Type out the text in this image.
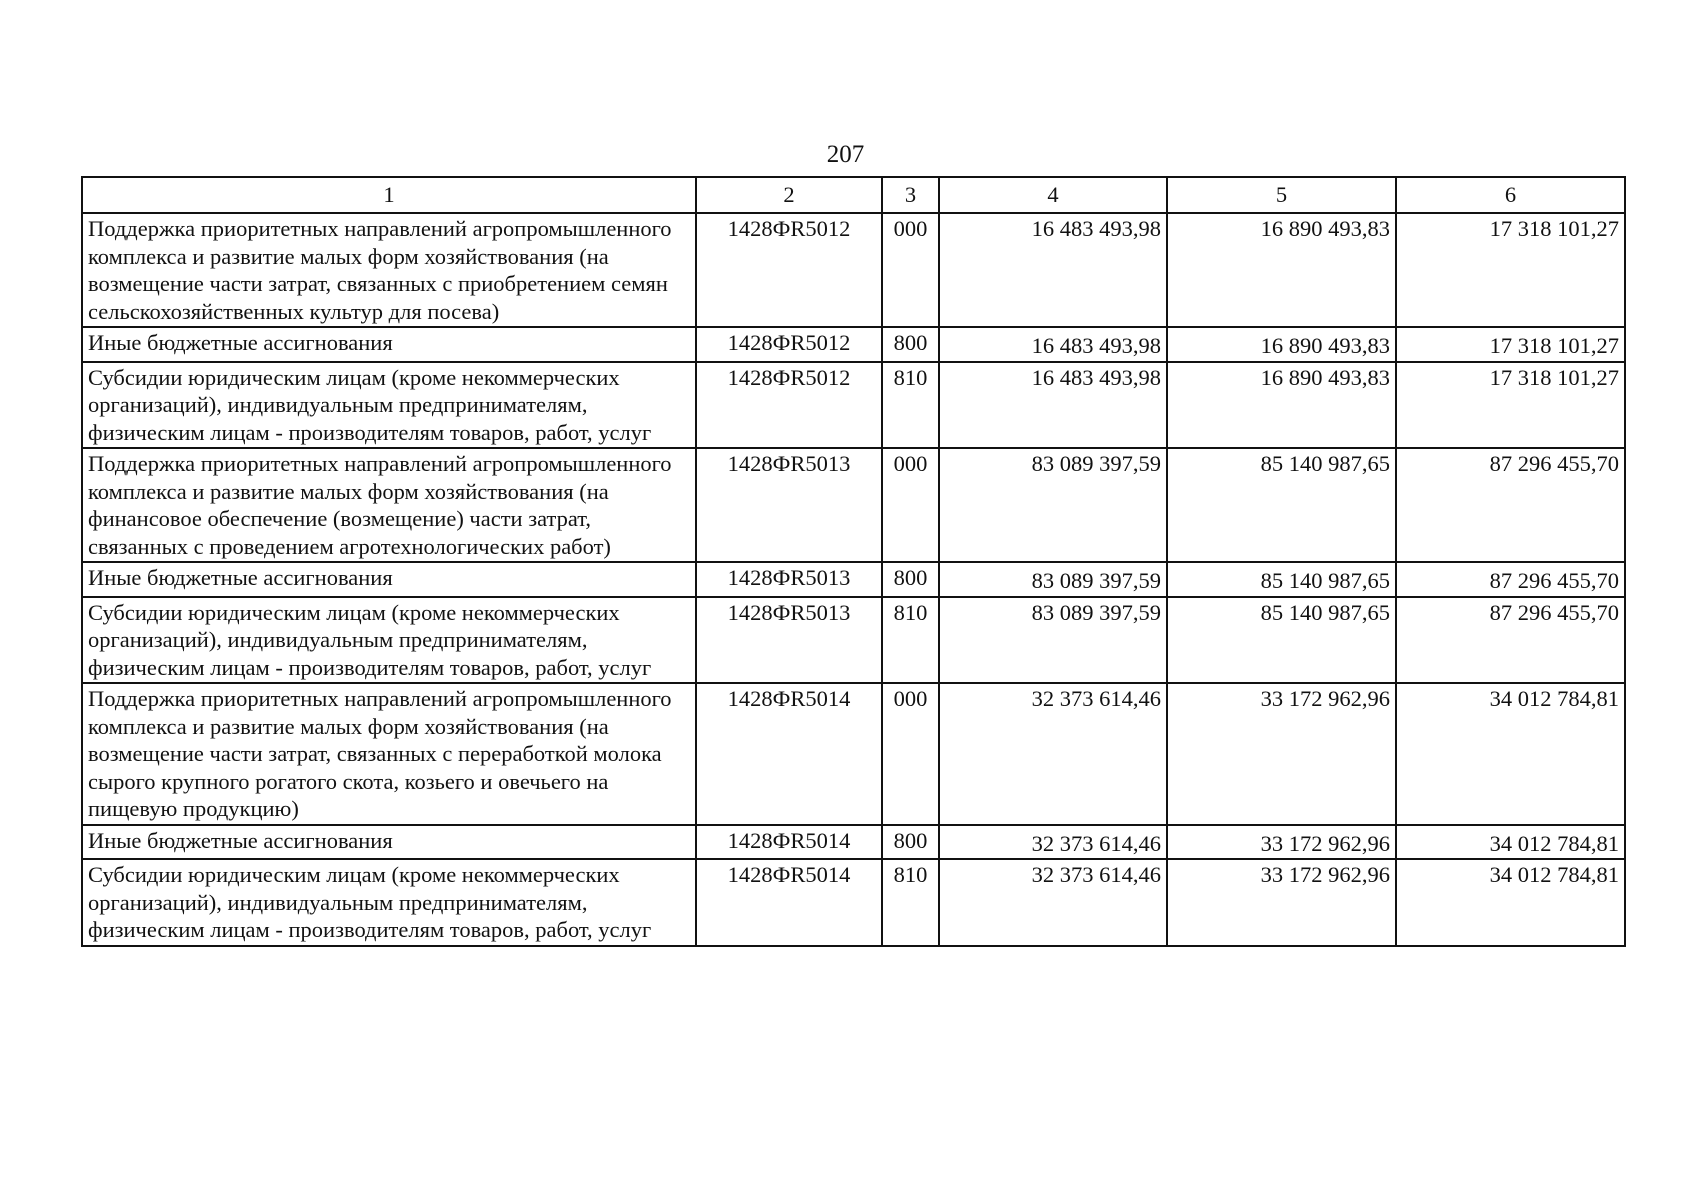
207
1	2	3	4	5	6
Поддержка приоритетных направлений агропромышленного комплекса и развитие малых форм хозяйствования (на возмещение части затрат, связанных с приобретением семян сельскохозяйственных культур для посева)	1428ФR5012	000	16 483 493,98	16 890 493,83	17 318 101,27
Иные бюджетные ассигнования	1428ФR5012	800	16 483 493,98	16 890 493,83	17 318 101,27
Субсидии юридическим лицам (кроме некоммерческих организаций), индивидуальным предпринимателям, физическим лицам - производителям товаров, работ, услуг	1428ФR5012	810	16 483 493,98	16 890 493,83	17 318 101,27
Поддержка приоритетных направлений агропромышленного комплекса и развитие малых форм хозяйствования (на финансовое обеспечение (возмещение) части затрат, связанных с проведением агротехнологических работ)	1428ФR5013	000	83 089 397,59	85 140 987,65	87 296 455,70
Иные бюджетные ассигнования	1428ФR5013	800	83 089 397,59	85 140 987,65	87 296 455,70
Субсидии юридическим лицам (кроме некоммерческих организаций), индивидуальным предпринимателям, физическим лицам - производителям товаров, работ, услуг	1428ФR5013	810	83 089 397,59	85 140 987,65	87 296 455,70
Поддержка приоритетных направлений агропромышленного комплекса и развитие малых форм хозяйствования (на возмещение части затрат, связанных с переработкой молока сырого крупного рогатого скота, козьего и овечьего на пищевую продукцию)	1428ФR5014	000	32 373 614,46	33 172 962,96	34 012 784,81
Иные бюджетные ассигнования	1428ФR5014	800	32 373 614,46	33 172 962,96	34 012 784,81
Субсидии юридическим лицам (кроме некоммерческих организаций), индивидуальным предпринимателям, физическим лицам - производителям товаров, работ, услуг	1428ФR5014	810	32 373 614,46	33 172 962,96	34 012 784,81
